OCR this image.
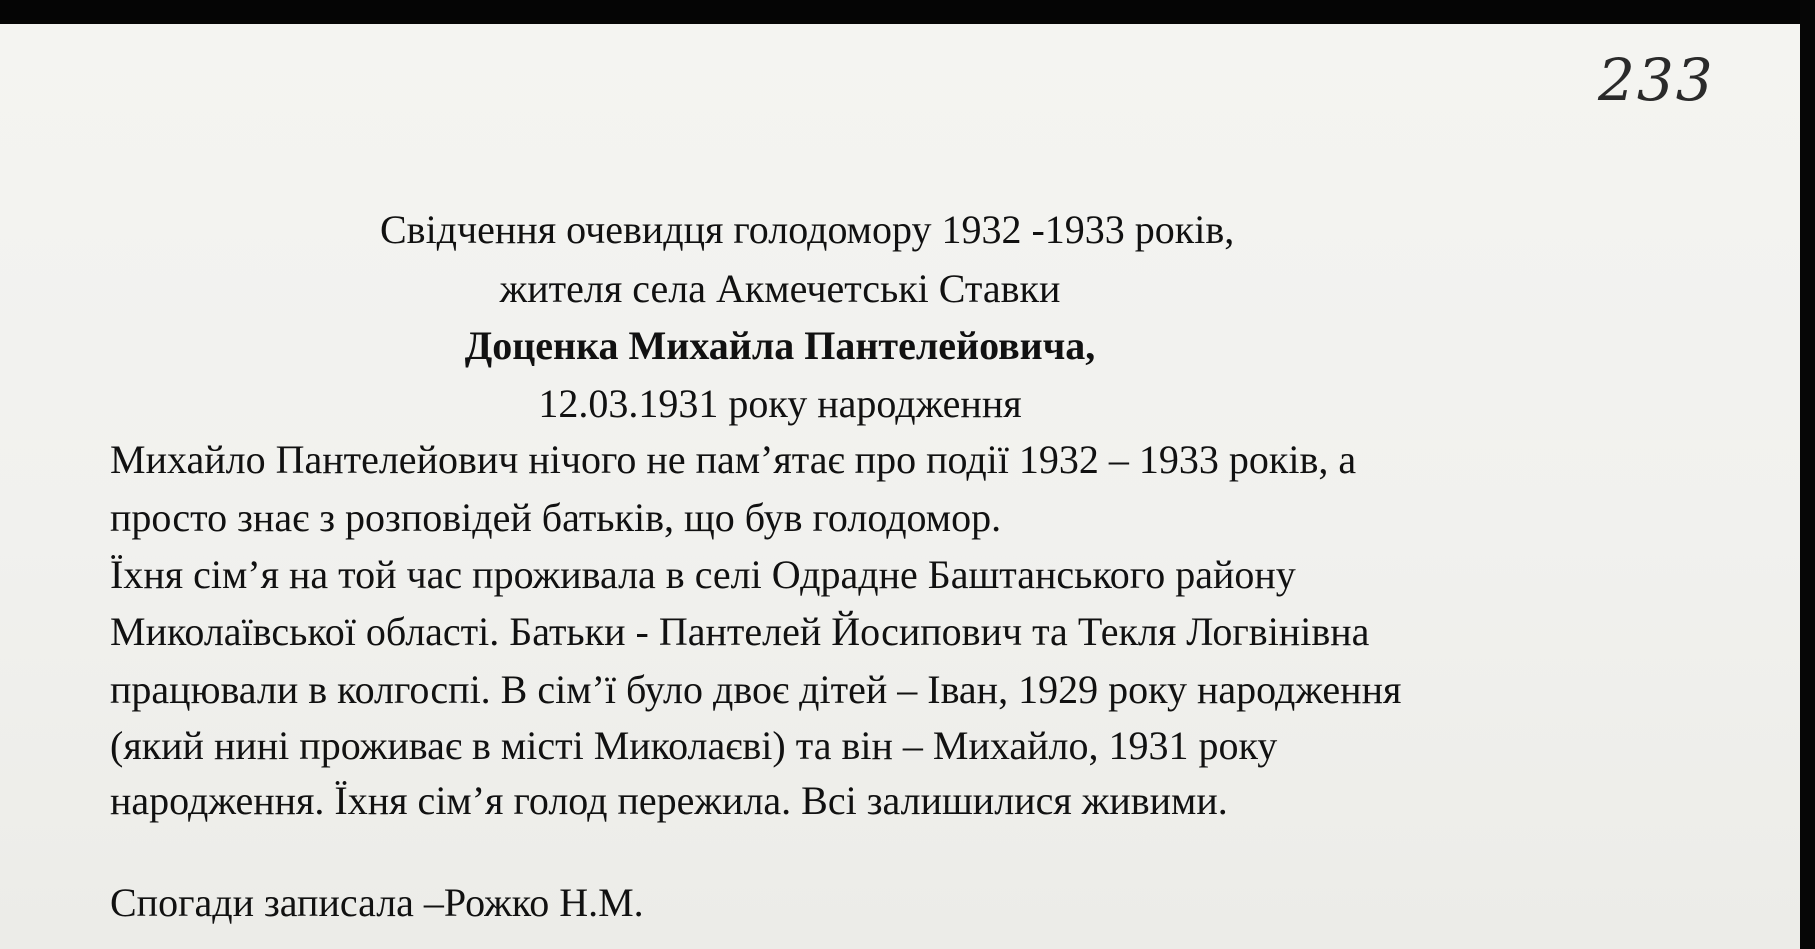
233
Свідчення очевидця голодомору 1932 -1933 років,
жителя села Акмечетські Ставки
Доценка Михайла Пантелейовича,
12.03.1931 року народження
Михайло Пантелейович нічого не пам’ятає про події 1932 – 1933 років, а
просто знає з розповідей батьків, що був голодомор.
Їхня сім’я на той час проживала в селі Одрадне Баштанського району
Миколаївської області. Батьки - Пантелей Йосипович та Текля Логвінівна
працювали в колгоспі. В сім’ї було двоє дітей – Іван, 1929 року народження
(який нині проживає в місті Миколаєві) та він – Михайло, 1931 року
народження. Їхня сім’я голод пережила. Всі залишилися живими.
Спогади записала –Рожко Н.М.
